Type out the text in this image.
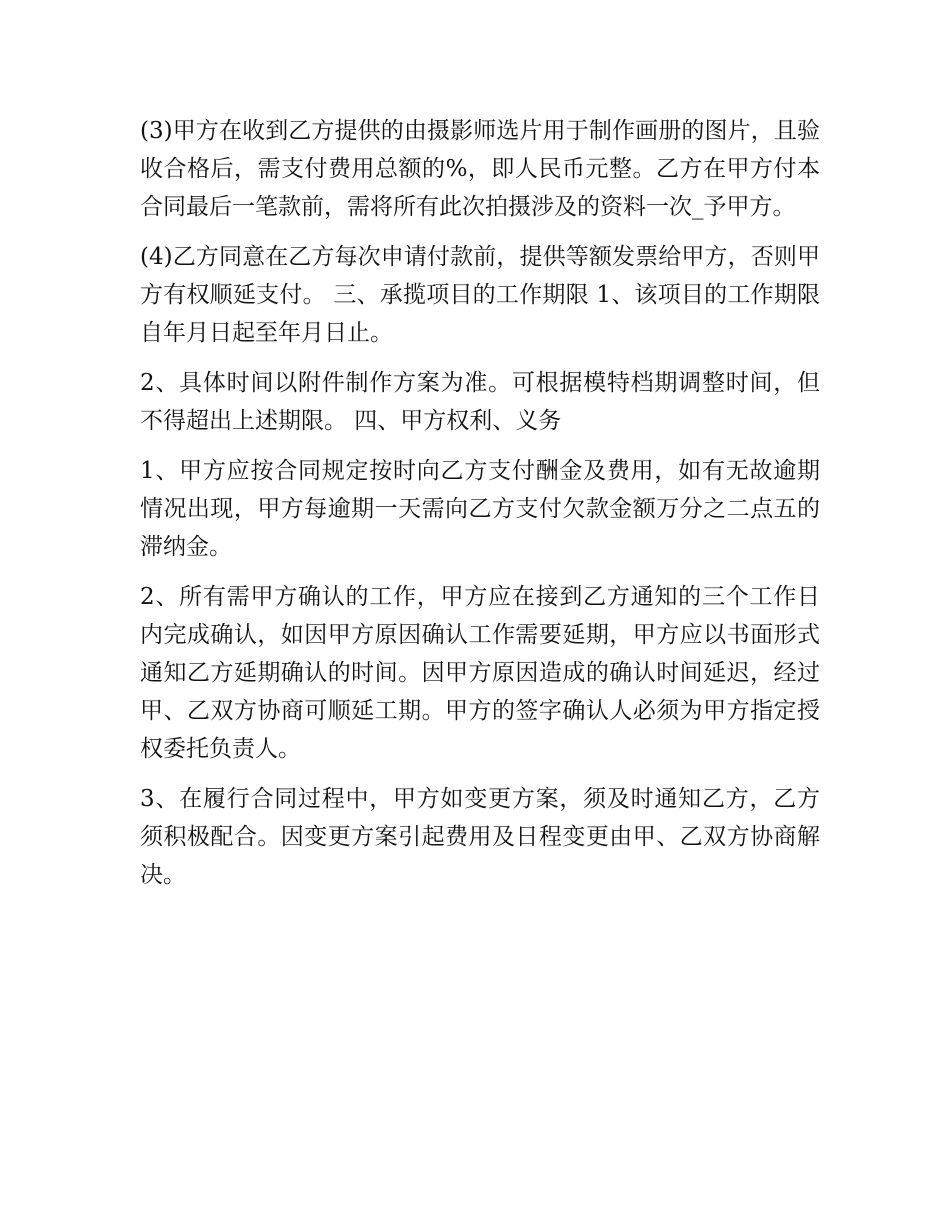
(3)甲方在收到乙方提供的由摄影师选片用于制作画册的图片，且验收合格后，需支付费用总额的%，即人民币元整。乙方在甲方付本合同最后一笔款前，需将所有此次拍摄涉及的资料一次_予甲方。

(4)乙方同意在乙方每次申请付款前，提供等额发票给甲方，否则甲方有权顺延支付。 三、承揽项目的工作期限 1、该项目的工作期限自年月日起至年月日止。

2、具体时间以附件制作方案为准。可根据模特档期调整时间，但不得超出上述期限。 四、甲方权利、义务

1、甲方应按合同规定按时向乙方支付酬金及费用，如有无故逾期情况出现，甲方每逾期一天需向乙方支付欠款金额万分之二点五的滞纳金。

2、所有需甲方确认的工作，甲方应在接到乙方通知的三个工作日内完成确认，如因甲方原因确认工作需要延期，甲方应以书面形式通知乙方延期确认的时间。因甲方原因造成的确认时间延迟，经过甲、乙双方协商可顺延工期。甲方的签字确认人必须为甲方指定授权委托负责人。

3、在履行合同过程中，甲方如变更方案，须及时通知乙方，乙方须积极配合。因变更方案引起费用及日程变更由甲、乙双方协商解决。
